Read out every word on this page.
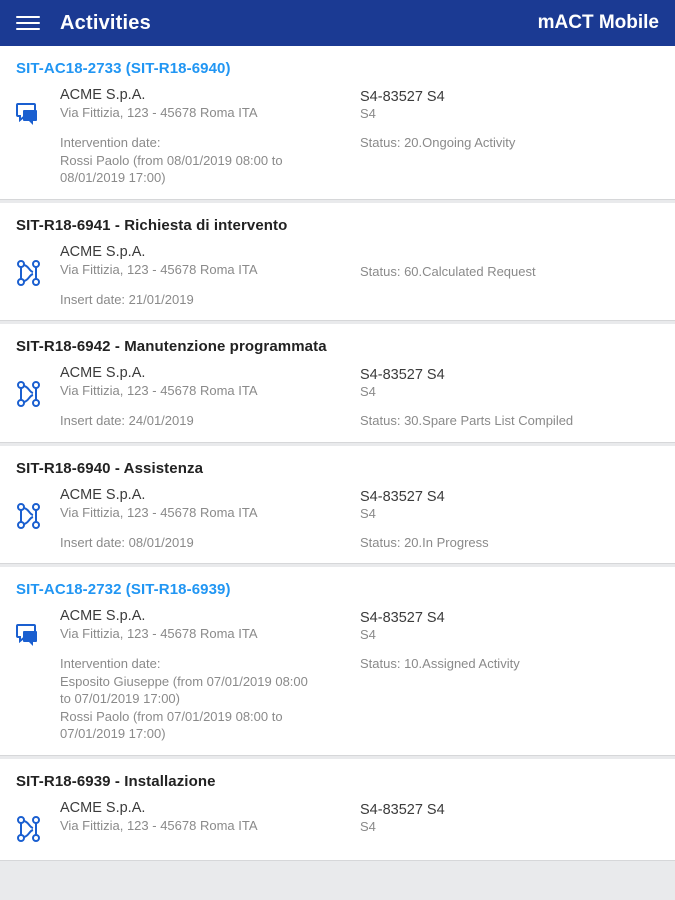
Activities	mACT Mobile
SIT-AC18-2733 (SIT-R18-6940)
ACME S.p.A.
Via Fittizia, 123 - 45678 Roma ITA
Intervention date:
Rossi Paolo (from 08/01/2019 08:00 to
08/01/2019 17:00)
S4-83527 S4
S4
Status: 20.Ongoing Activity
SIT-R18-6941 - Richiesta di intervento
ACME S.p.A.
Via Fittizia, 123 - 45678 Roma ITA
Insert date: 21/01/2019
Status: 60.Calculated Request
SIT-R18-6942 - Manutenzione programmata
ACME S.p.A.
Via Fittizia, 123 - 45678 Roma ITA
Insert date: 24/01/2019
S4-83527 S4
S4
Status: 30.Spare Parts List Compiled
SIT-R18-6940 - Assistenza
ACME S.p.A.
Via Fittizia, 123 - 45678 Roma ITA
Insert date: 08/01/2019
S4-83527 S4
S4
Status: 20.In Progress
SIT-AC18-2732 (SIT-R18-6939)
ACME S.p.A.
Via Fittizia, 123 - 45678 Roma ITA
Intervention date:
Esposito Giuseppe (from 07/01/2019 08:00
to 07/01/2019 17:00)
Rossi Paolo (from 07/01/2019 08:00 to
07/01/2019 17:00)
S4-83527 S4
S4
Status: 10.Assigned Activity
SIT-R18-6939 - Installazione
ACME S.p.A.
Via Fittizia, 123 - 45678 Roma ITA
S4-83527 S4
S4
